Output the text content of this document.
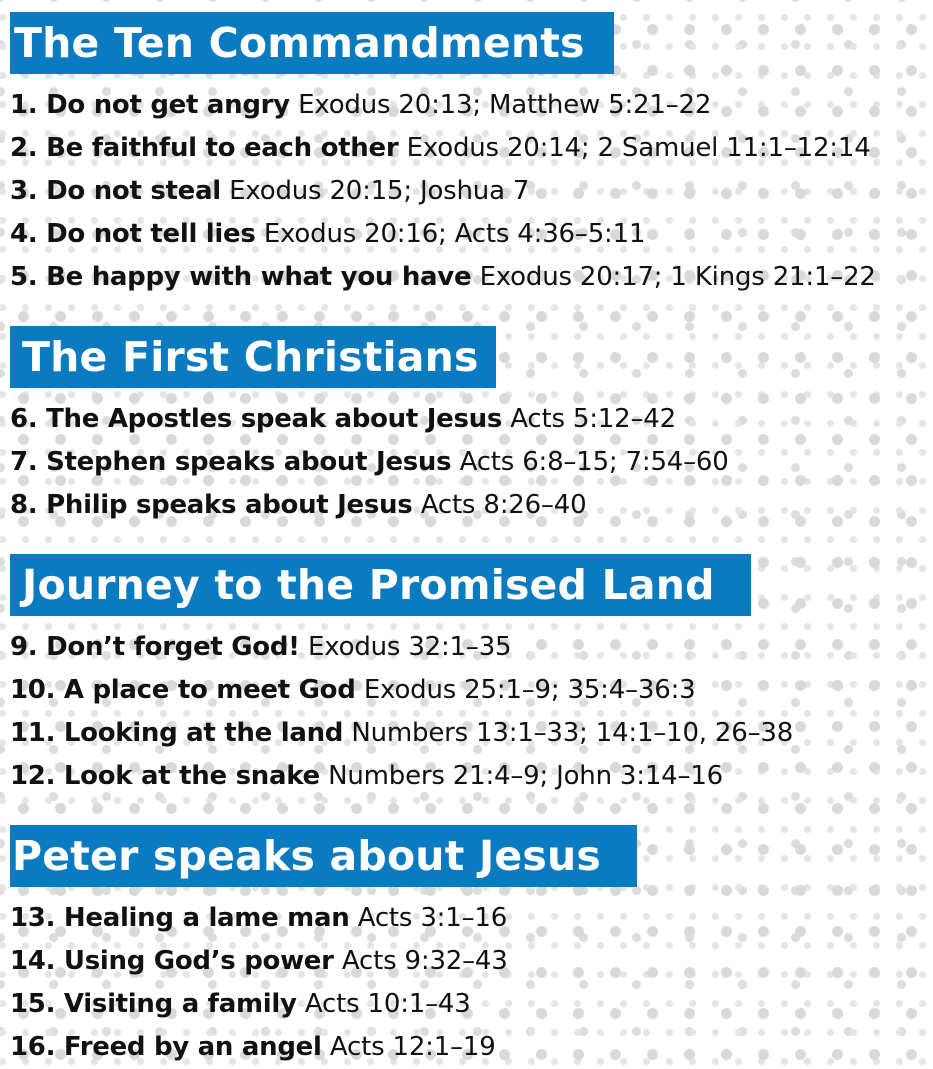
The Ten Commandments
1. Do not get angry Exodus 20:13; Matthew 5:21–22
2. Be faithful to each other Exodus 20:14; 2 Samuel 11:1–12:14
3. Do not steal Exodus 20:15; Joshua 7
4. Do not tell lies Exodus 20:16; Acts 4:36–5:11
5. Be happy with what you have Exodus 20:17; 1 Kings 21:1–22
The First Christians
6. The Apostles speak about Jesus Acts 5:12–42
7. Stephen speaks about Jesus Acts 6:8–15; 7:54–60
8. Philip speaks about Jesus Acts 8:26–40
Journey to the Promised Land
9. Don’t forget God! Exodus 32:1–35
10. A place to meet God Exodus 25:1–9; 35:4–36:3
11. Looking at the land Numbers 13:1–33; 14:1–10, 26–38
12. Look at the snake Numbers 21:4–9; John 3:14–16
Peter speaks about Jesus
13. Healing a lame man Acts 3:1–16
14. Using God’s power Acts 9:32–43
15. Visiting a family Acts 10:1–43
16. Freed by an angel Acts 12:1–19
